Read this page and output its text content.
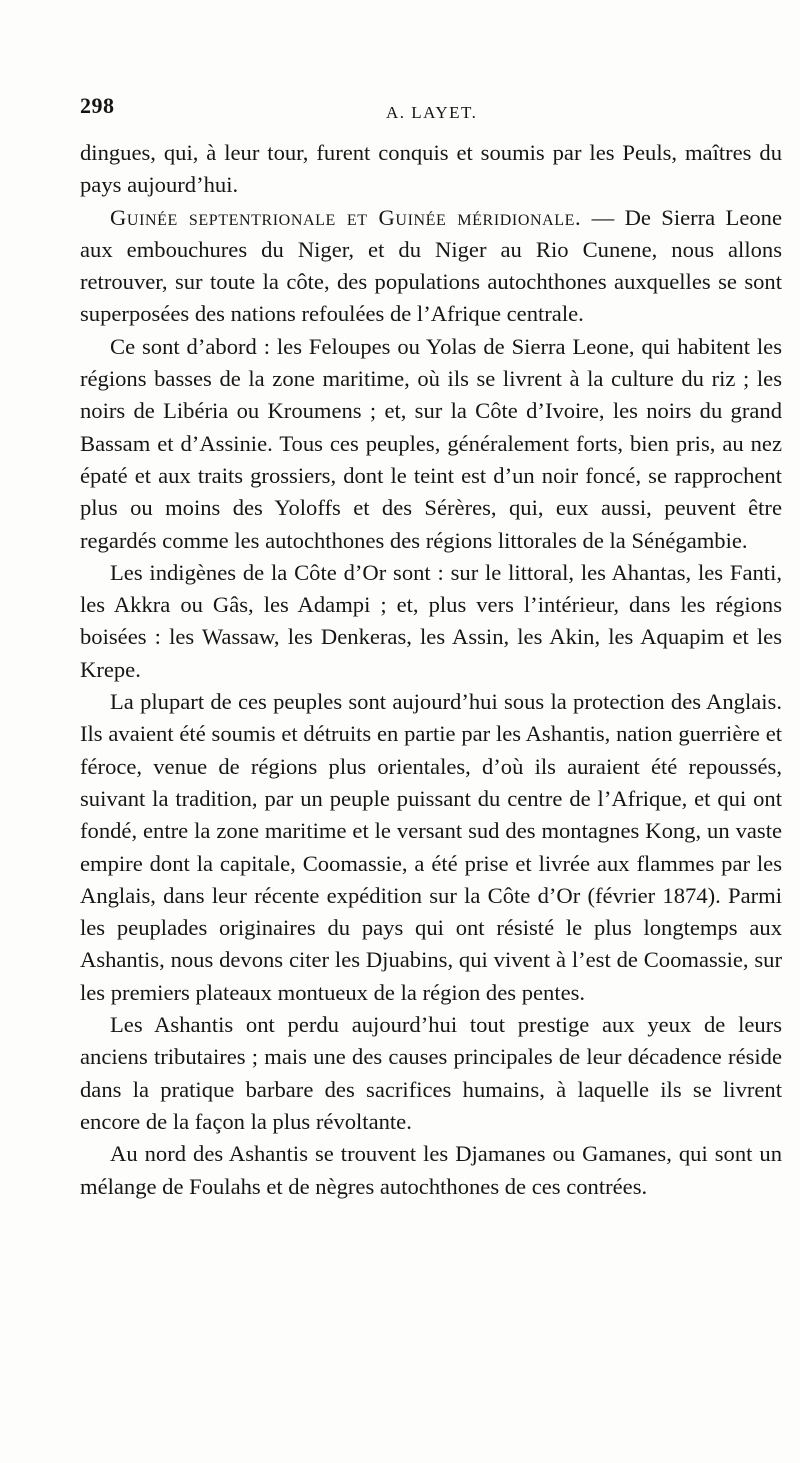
298	A. LAYET.

dingues, qui, à leur tour, furent conquis et soumis par les Peuls, maîtres du pays aujourd’hui.

Guinée septentrionale et Guinée méridionale. — De Sierra Leone aux embouchures du Niger, et du Niger au Rio Cunene, nous allons retrouver, sur toute la côte, des populations autochthones auxquelles se sont superposées des nations refoulées de l’Afrique centrale.

Ce sont d’abord : les Feloupes ou Yolas de Sierra Leone, qui habitent les régions basses de la zone maritime, où ils se livrent à la culture du riz ; les noirs de Libéria ou Kroumens ; et, sur la Côte d’Ivoire, les noirs du grand Bassam et d’Assinie. Tous ces peuples, généralement forts, bien pris, au nez épaté et aux traits grossiers, dont le teint est d’un noir foncé, se rapprochent plus ou moins des Yoloffs et des Sérères, qui, eux aussi, peuvent être regardés comme les autochthones des régions littorales de la Sénégambie.

Les indigènes de la Côte d’Or sont : sur le littoral, les Ahantas, les Fanti, les Akkra ou Gâs, les Adampi ; et, plus vers l’intérieur, dans les régions boisées : les Wassaw, les Denkeras, les Assin, les Akin, les Aquapim et les Krepe.

La plupart de ces peuples sont aujourd’hui sous la protection des Anglais. Ils avaient été soumis et détruits en partie par les Ashantis, nation guerrière et féroce, venue de régions plus orientales, d’où ils auraient été repoussés, suivant la tradition, par un peuple puissant du centre de l’Afrique, et qui ont fondé, entre la zone maritime et le versant sud des montagnes Kong, un vaste empire dont la capitale, Coomassie, a été prise et livrée aux flammes par les Anglais, dans leur récente expédition sur la Côte d’Or (février 1874). Parmi les peuplades originaires du pays qui ont résisté le plus longtemps aux Ashantis, nous devons citer les Djuabins, qui vivent à l’est de Coomassie, sur les premiers plateaux montueux de la région des pentes.

Les Ashantis ont perdu aujourd’hui tout prestige aux yeux de leurs anciens tributaires ; mais une des causes principales de leur décadence réside dans la pratique barbare des sacrifices humains, à laquelle ils se livrent encore de la façon la plus révoltante.

Au nord des Ashantis se trouvent les Djamanes ou Gamanes, qui sont un mélange de Foulahs et de nègres autochthones de ces contrées.
